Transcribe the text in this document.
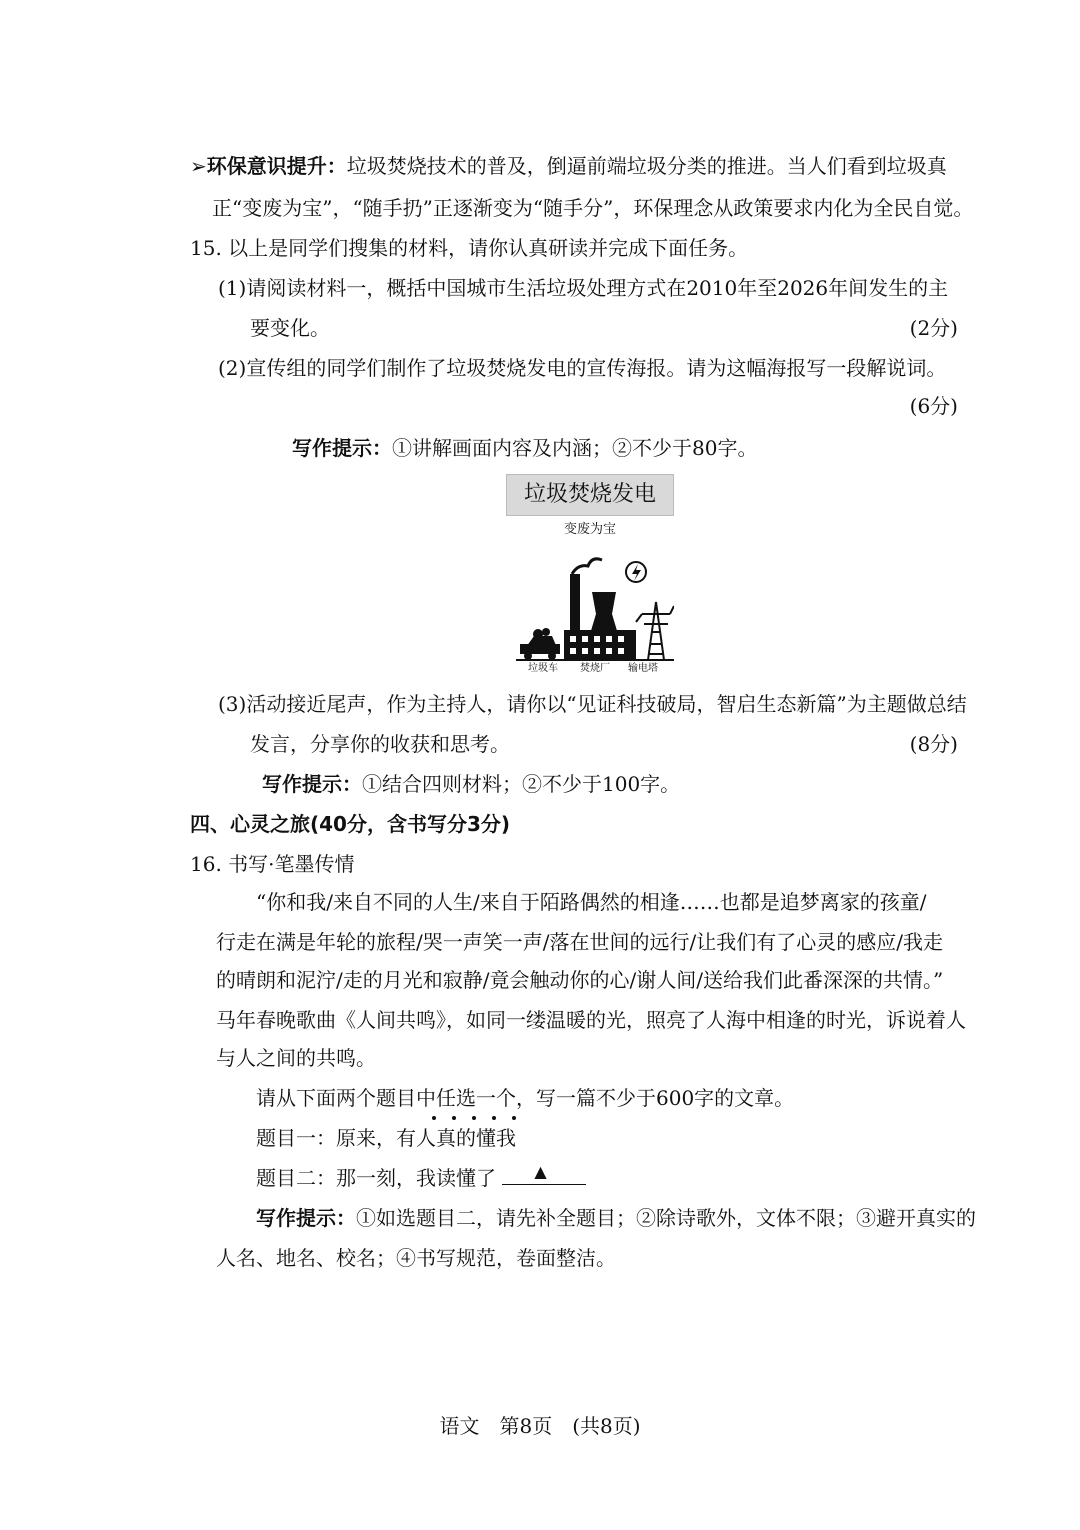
➢环保意识提升：垃圾焚烧技术的普及，倒逼前端垃圾分类的推进。当人们看到垃圾真
正“变废为宝”，“随手扔”正逐渐变为“随手分”，环保理念从政策要求内化为全民自觉。
15. 以上是同学们搜集的材料，请你认真研读并完成下面任务。
(1)请阅读材料一，概括中国城市生活垃圾处理方式在2010年至2026年间发生的主
要变化。	(2分)
(2)宣传组的同学们制作了垃圾焚烧发电的宣传海报。请为这幅海报写一段解说词。
(6分)
写作提示：①讲解画面内容及内涵；②不少于80字。
垃圾焚烧发电
变废为宝
垃圾车 焚烧厂 输电塔
(3)活动接近尾声，作为主持人，请你以“见证科技破局，智启生态新篇”为主题做总结
发言，分享你的收获和思考。	(8分)
写作提示：①结合四则材料；②不少于100字。
四、心灵之旅(40分，含书写分3分)
16. 书写·笔墨传情
“你和我/来自不同的人生/来自于陌路偶然的相逢……也都是追梦离家的孩童/
行走在满是年轮的旅程/哭一声笑一声/落在世间的远行/让我们有了心灵的感应/我走
的晴朗和泥泞/走的月光和寂静/竟会触动你的心/谢人间/送给我们此番深深的共情。”
马年春晚歌曲《人间共鸣》，如同一缕温暖的光，照亮了人海中相逢的时光，诉说着人
与人之间的共鸣。
请从下面两个题目中任选一个，写一篇不少于600字的文章。
题目一：原来，有人真的懂我
题目二：那一刻，我读懂了 ▲
写作提示：①如选题目二，请先补全题目；②除诗歌外，文体不限；③避开真实的
人名、地名、校名；④书写规范，卷面整洁。
语文　第8页　(共8页)
